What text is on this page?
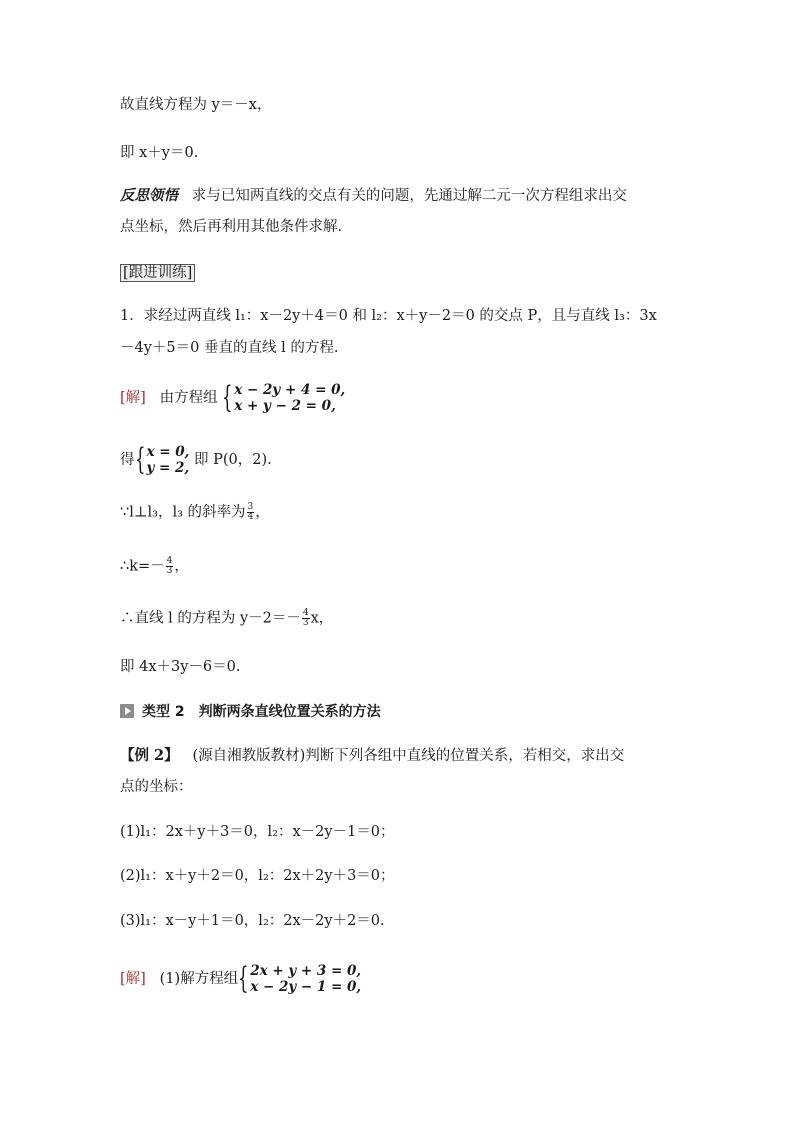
故直线方程为 y＝－x，
即 x＋y＝0.
反思领悟 求与已知两直线的交点有关的问题，先通过解二元一次方程组求出交
点坐标，然后再利用其他条件求解.
[跟进训练]
1．求经过两直线 l₁：x－2y＋4＝0 和 l₂：x＋y－2＝0 的交点 P，且与直线 l₃：3x
－4y＋5＝0 垂直的直线 l 的方程.
[解] 由方程组 { x − 2y + 4 = 0,
x + y − 2 = 0,
得 { x = 0,
y = 2, 即 P(0，2).
∵l⊥l₃，l₃ 的斜率为 $\frac{3}{4}$ ，
∴k=－ $\frac{4}{3}$ ，
∴直线 l 的方程为 $y-2=- \frac{4}{3}$ x，
即 4x＋3y－6＝0.
类型 2　判断两条直线位置关系的方法
【例 2】 (源自湘教版教材)判断下列各组中直线的位置关系，若相交，求出交
点的坐标：
(1)l₁：2x＋y＋3＝0，l₂：x－2y－1＝0；
(2)l₁：x＋y＋2＝0，l₂：2x＋2y＋3＝0；
(3)l₁：x－y＋1＝0，l₂：2x－2y＋2＝0.
[解] (1)解方程组 { 2x + y + 3 = 0,
x − 2y − 1 = 0,
